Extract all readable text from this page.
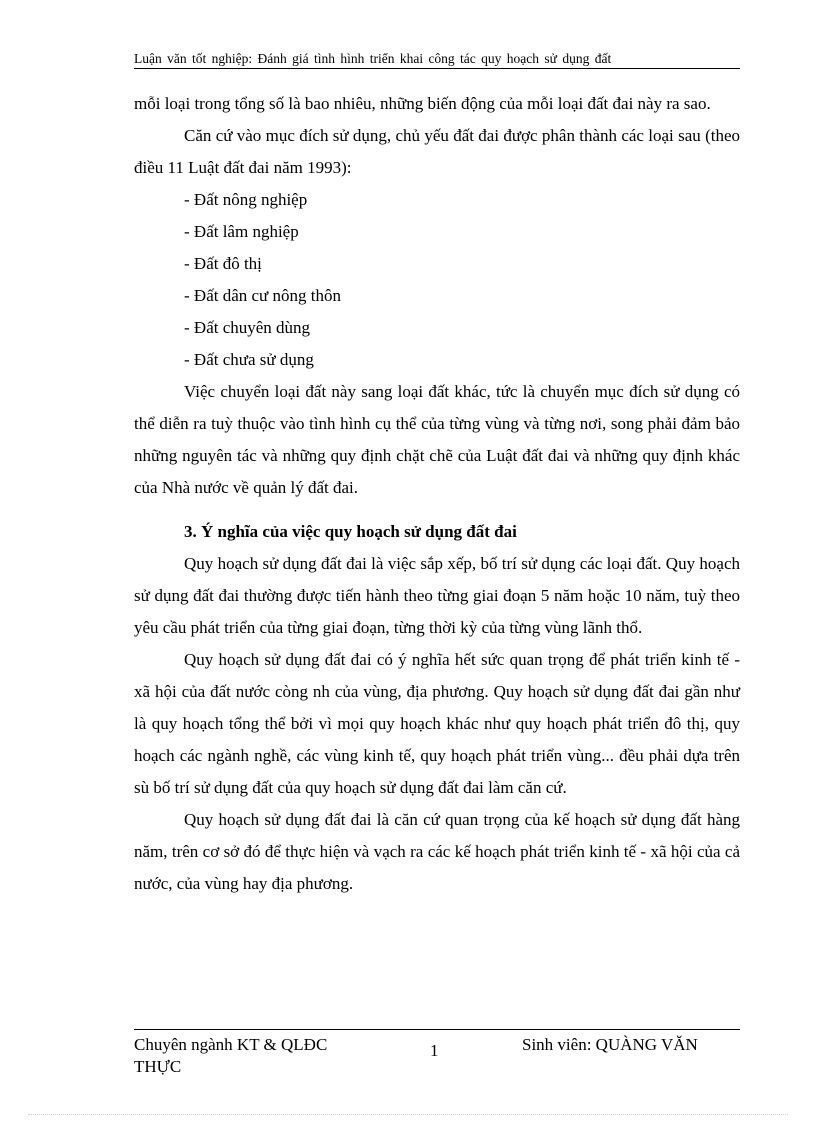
Luận văn tốt nghiệp: Đánh giá tình hình triển khai công tác quy hoạch sử dụng đất

mỗi loại trong tổng số là bao nhiêu, những biến động của mỗi loại đất đai này ra sao.

Căn cứ vào mục đích sử dụng, chủ yếu đất đai được phân thành các loại sau (theo điều 11 Luật đất đai năm 1993):

- Đất nông nghiệp

- Đất lâm nghiệp

- Đất đô thị

- Đất dân cư nông thôn

- Đất chuyên dùng

- Đất chưa sử dụng

Việc chuyển loại đất này sang loại đất khác, tức là chuyển mục đích sử dụng có thể diễn ra tuỳ thuộc vào tình hình cụ thể của từng vùng và từng nơi, song phải đảm bảo những nguyên tác và những quy định chặt chẽ của Luật đất đai và những quy định khác của Nhà nước về quản lý đất đai.

3. Ý nghĩa của việc quy hoạch sử dụng đất đai

Quy hoạch sử dụng đất đai là việc sắp xếp, bố trí sử dụng các loại đất. Quy hoạch sử dụng đất đai thường được tiến hành theo từng giai đoạn 5 năm hoặc 10 năm, tuỳ theo yêu cầu phát triển của từng giai đoạn, từng thời kỳ của từng vùng lãnh thổ.

Quy hoạch sử dụng đất đai có ý nghĩa hết sức quan trọng để phát triển kinh tế - xã hội của đất nước còng nh của vùng, địa phương. Quy hoạch sử dụng đất đai gần như là quy hoạch tổng thể bởi vì mọi quy hoạch khác như quy hoạch phát triển đô thị, quy hoạch các ngành nghề, các vùng kinh tế, quy hoạch phát triển vùng... đều phải dựa trên sù bố trí sử dụng đất của quy hoạch sử dụng đất đai làm căn cứ.

Quy hoạch sử dụng đất đai là căn cứ quan trọng của kế hoạch sử dụng đất hàng năm, trên cơ sở đó để thực hiện và vạch ra các kế hoạch phát triển kinh tế - xã hội của cả nước, của vùng hay địa phương.

Chuyên ngành KT & QLĐC THỰC
1	Sinh viên: QUÀNG VĂN
